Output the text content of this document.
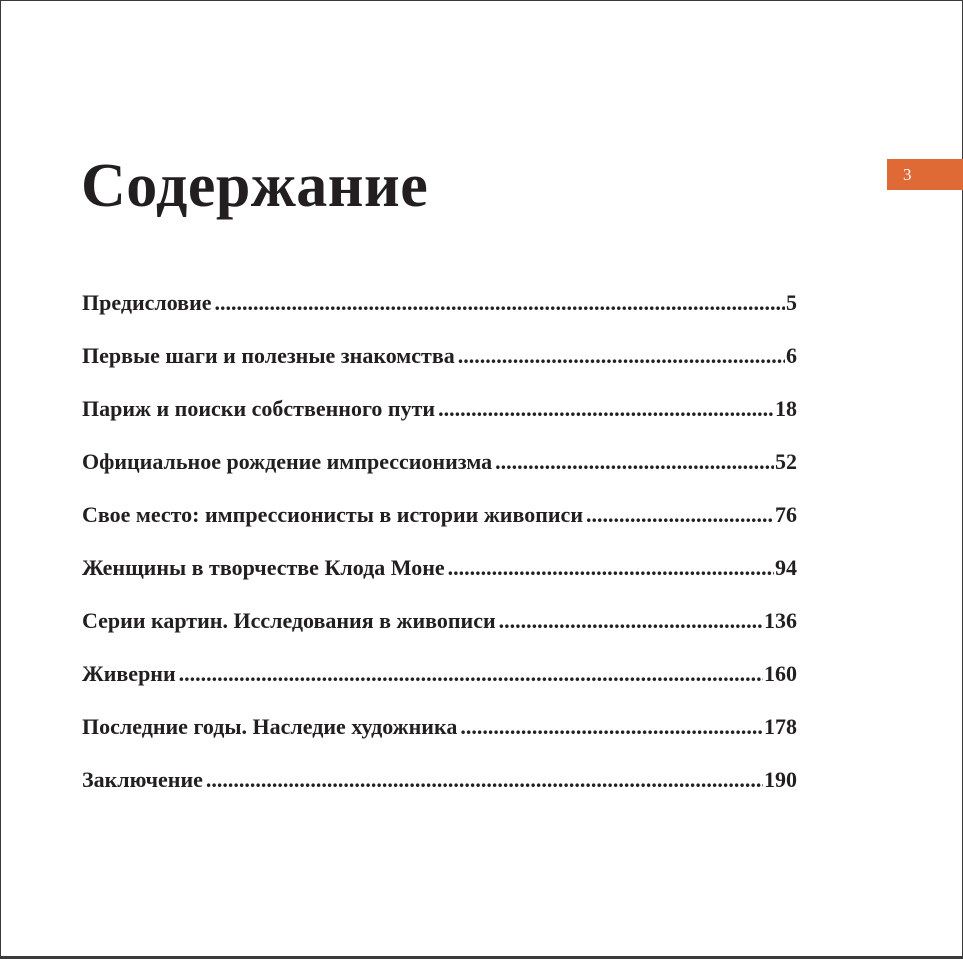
3
Содержание
Предисловие .....	5
Первые шаги и полезные знакомства .....	6
Париж и поиски собственного пути .....	18
Официальное рождение импрессионизма .....	52
Свое место: импрессионисты в истории живописи .....	76
Женщины в творчестве Клода Моне .....	94
Серии картин. Исследования в живописи .....	136
Живерни .....	160
Последние годы. Наследие художника .....	178
Заключение .....	190
